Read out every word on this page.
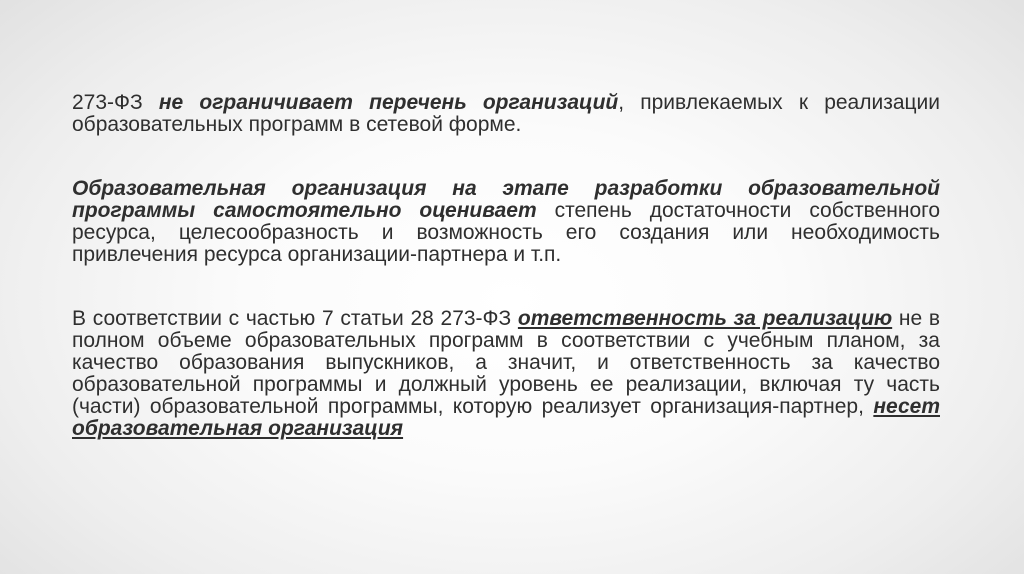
273-ФЗ не ограничивает перечень организаций, привлекаемых к реализации образовательных программ в сетевой форме.

Образовательная организация на этапе разработки образовательной программы самостоятельно оценивает степень достаточности собственного ресурса, целесообразность и возможность его создания или необходимость привлечения ресурса организации-партнера и т.п.

В соответствии с частью 7 статьи 28 273-ФЗ ответственность за реализацию не в полном объеме образовательных программ в соответствии с учебным планом, за качество образования выпускников, а значит, и ответственность за качество образовательной программы и должный уровень ее реализации, включая ту часть (части) образовательной программы, которую реализует организация-партнер, несет образовательная организация
